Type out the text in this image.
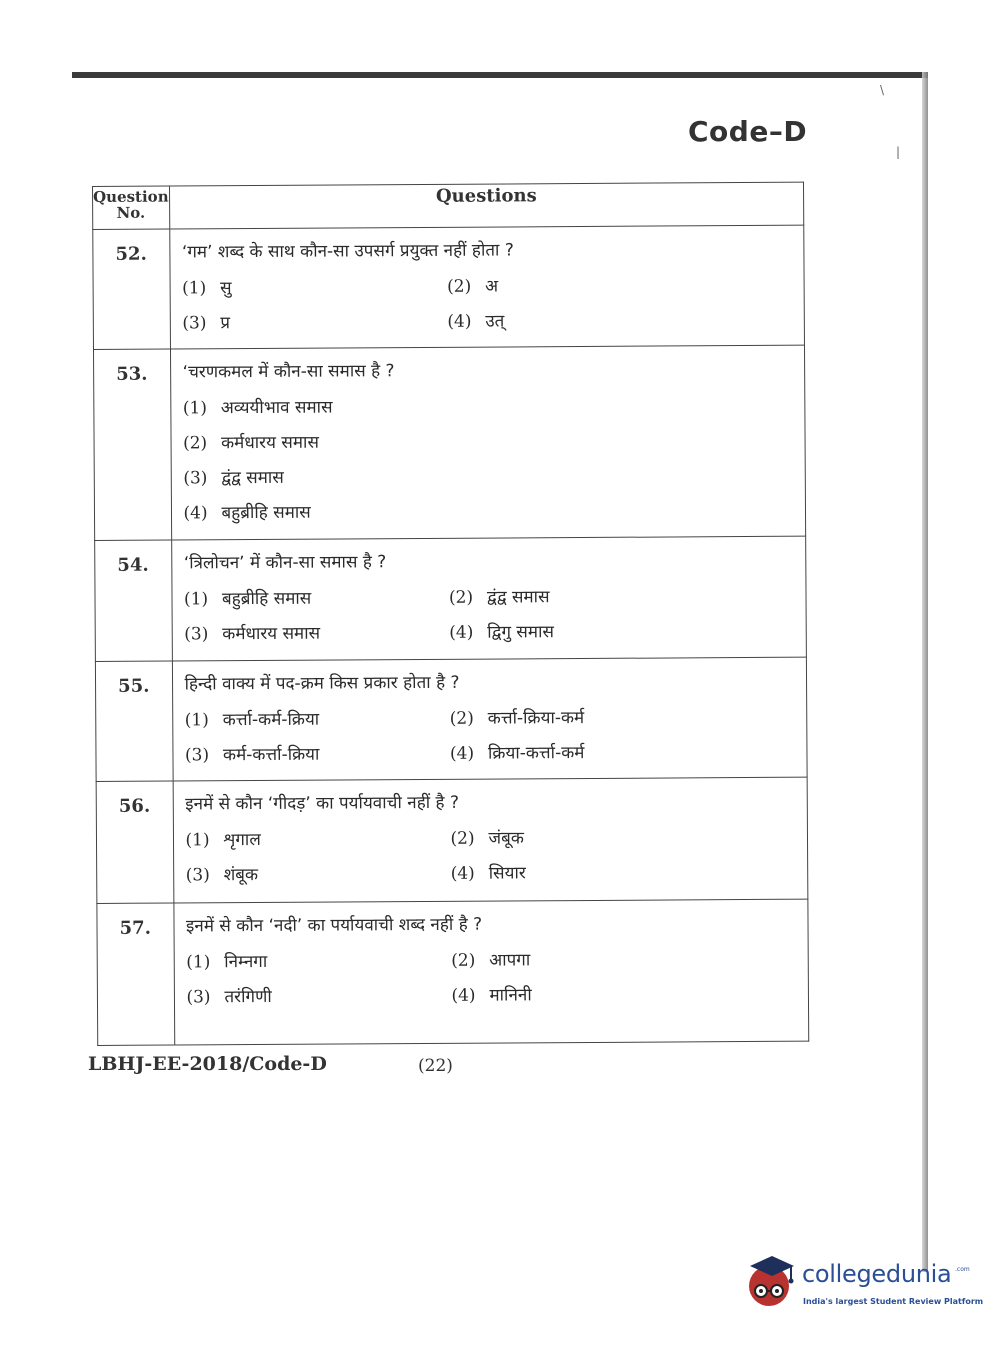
\
|
Code–D
Question
No.	Questions
52.	‘गम’ शब्द के साथ कौन-सा उपसर्ग प्रयुक्त नहीं होता ?
(1) सु (2) अ
(3) प्र (4) उत्

53.	‘चरणकमल में कौन-सा समास है ?
(1) अव्ययीभाव समास
(2) कर्मधारय समास
(3) द्वंद्व समास
(4) बहुब्रीहि समास

54.	‘त्रिलोचन’ में कौन-सा समास है ?
(1) बहुब्रीहि समास (2) द्वंद्व समास
(3) कर्मधारय समास (4) द्विगु समास

55.	हिन्दी वाक्य में पद-क्रम किस प्रकार होता है ?
(1) कर्त्ता-कर्म-क्रिया (2) कर्त्ता-क्रिया-कर्म
(3) कर्म-कर्त्ता-क्रिया (4) क्रिया-कर्त्ता-कर्म

56.	इनमें से कौन ‘गीदड़’ का पर्यायवाची नहीं है ?
(1) शृगाल (2) जंबूक
(3) शंबूक (4) सियार

57.	इनमें से कौन ‘नदी’ का पर्यायवाची शब्द नहीं है ?
(1) निम्नगा (2) आपगा
(3) तरंगिणी (4) मानिनी
LBHJ-EE-2018/Code-D	(22)
collegedunia .com
India's largest Student Review Platform
